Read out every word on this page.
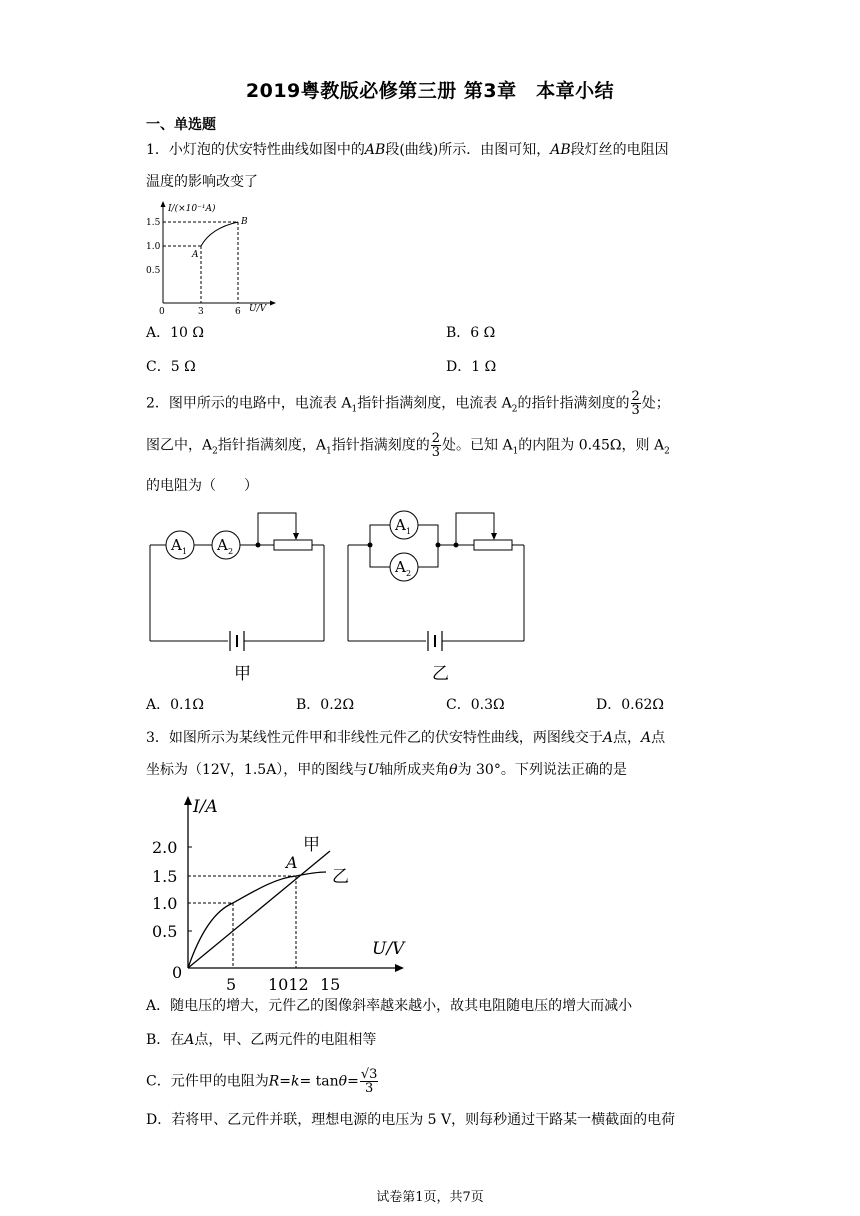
2019粤教版必修第三册 第3章　本章小结
一、单选题
1．小灯泡的伏安特性曲线如图中的AB段(曲线)所示．由图可知，AB段灯丝的电阻因
温度的影响改变了
I/(×10⁻¹A)
1.5
1.0
0.5
0	3	6 U/V
A
B
A．10 Ω	B．6 Ω
C．5 Ω	D．1 Ω
2．图甲所示的电路中，电流表 $A_1$指针指满刻度，电流表 $A_2$的指针指满刻度的 $\frac{2}{3}$ 处；
图乙中，$A_2$指针指满刻度，$A_1$指针指满刻度的 $\frac{2}{3}$ 处。已知 $A_1$的内阻为 0.45Ω，则 $A_2$
的电阻为（　　）
A 1 A 2
甲
A 1
A 2
乙
A．0.1Ω	B．0.2Ω	C．0.3Ω	D．0.62Ω
3．如图所示为某线性元件甲和非线性元件乙的伏安特性曲线，两图线交于A点，A点
坐标为（12V，1.5A），甲的图线与U轴所成夹角θ为 30°。下列说法正确的是
I/A
2.0
1.5
1.0
0.5
0
5 1012 15
U/V
甲
乙
A
A．随电压的增大，元件乙的图像斜率越来越小，故其电阻随电压的增大而减小
B．在A点，甲、乙两元件的电阻相等
C．元件甲的电阻为$R=k= \tan\theta= \frac{√3}{3}$
D．若将甲、乙元件并联，理想电源的电压为 5 V，则每秒通过干路某一横截面的电荷
试卷第1页，共7页
